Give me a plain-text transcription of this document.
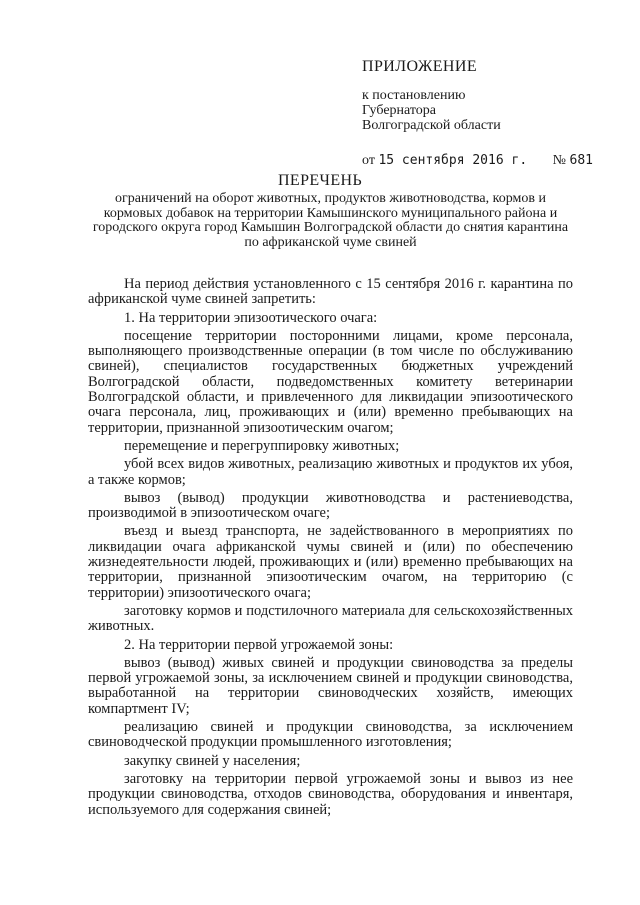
ПРИЛОЖЕНИЕ
к постановлению
Губернатора
Волгоградской области
от 15 сентября 2016 г. № 681
ПЕРЕЧЕНЬ
ограничений на оборот животных, продуктов животноводства, кормов и кормовых добавок на территории Камышинского муниципального района и городского округа город Камышин Волгоградской области до снятия карантина по африканской чуме свиней

На период действия установленного с 15 сентября 2016 г. карантина по африканской чуме свиней запретить:

1. На территории эпизоотического очага:

посещение территории посторонними лицами, кроме персонала, выполняющего производственные операции (в том числе по обслуживанию свиней), специалистов государственных бюджетных учреждений Волгоградской области, подведомственных комитету ветеринарии Волгоградской области, и привлеченного для ликвидации эпизоотического очага персонала, лиц, проживающих и (или) временно пребывающих на территории, признанной эпизоотическим очагом;

перемещение и перегруппировку животных;

убой всех видов животных, реализацию животных и продуктов их убоя, а также кормов;

вывоз (вывод) продукции животноводства и растениеводства, производимой в эпизоотическом очаге;

въезд и выезд транспорта, не задействованного в мероприятиях по ликвидации очага африканской чумы свиней и (или) по обеспечению жизнедеятельности людей, проживающих и (или) временно пребывающих на территории, признанной эпизоотическим очагом, на территорию (с территории) эпизоотического очага;

заготовку кормов и подстилочного материала для сельскохозяйственных животных.

2. На территории первой угрожаемой зоны:

вывоз (вывод) живых свиней и продукции свиноводства за пределы первой угрожаемой зоны, за исключением свиней и продукции свиноводства, выработанной на территории свиноводческих хозяйств, имеющих компартмент IV;

реализацию свиней и продукции свиноводства, за исключением свиноводческой продукции промышленного изготовления;

закупку свиней у населения;

заготовку на территории первой угрожаемой зоны и вывоз из нее продукции свиноводства, отходов свиноводства, оборудования и инвентаря, используемого для содержания свиней;
